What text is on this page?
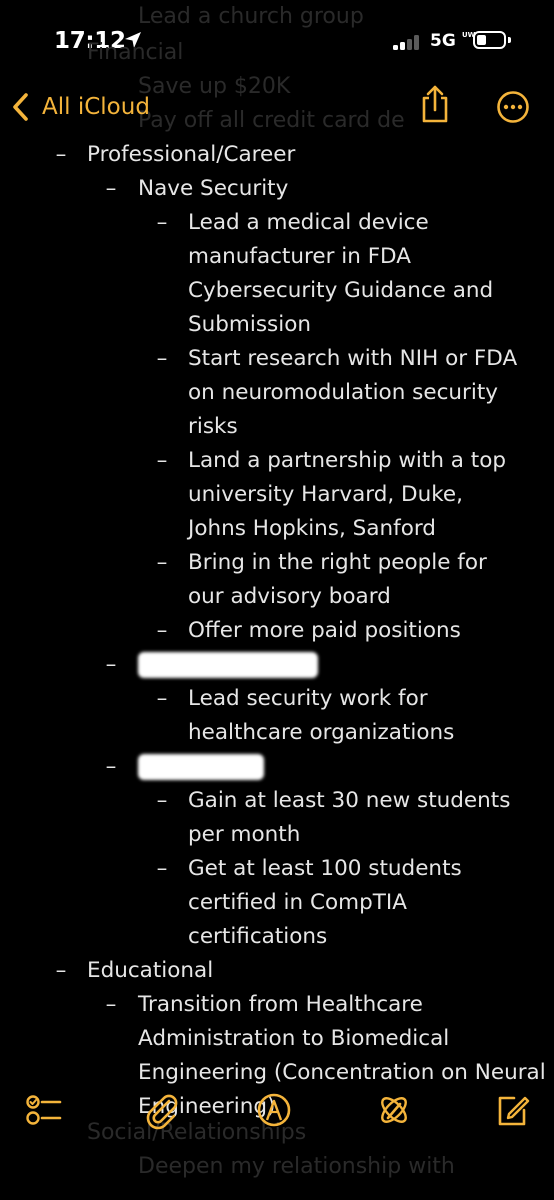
17:12	5G UW
Lead a church group
Financial
Save up $20K
Pay off all credit card de
All iCloud
– Professional/Career
– Nave Security
– Lead a medical device manufacturer in FDA Cybersecurity Guidance and Submission
– Start research with NIH or FDA on neuromodulation security risks
– Land a partnership with a top university Harvard, Duke, Johns Hopkins, Sanford
– Bring in the right people for our advisory board
– Offer more paid positions
–
– Lead security work for healthcare organizations
–
– Gain at least 30 new students per month
– Get at least 100 students certified in CompTIA certifications
– Educational
– Transition from Healthcare Administration to Biomedical Engineering (Concentration on Neural Engineering)
Social/Relationships
Deepen my relationship with
